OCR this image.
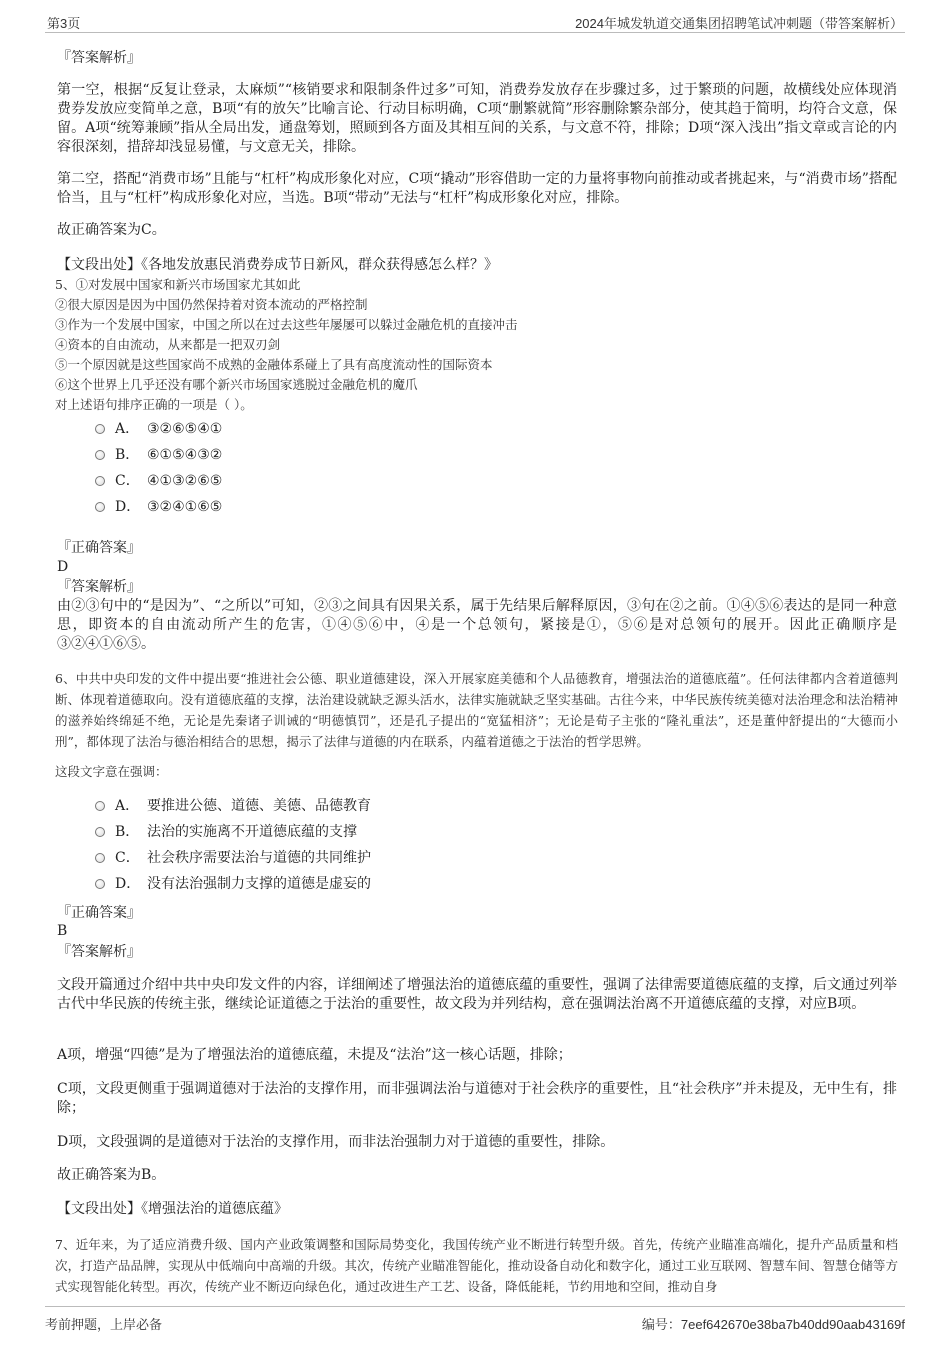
第3页	2024年城发轨道交通集团招聘笔试冲刺题（带答案解析）
『答案解析』

第一空，根据“反复让登录，太麻烦”“核销要求和限制条件过多”可知，消费券发放存在步骤过多，过于繁琐的问题，故横线处应体现消费券发放应变简单之意，B项“有的放矢”比喻言论、行动目标明确，C项“删繁就简”形容删除繁杂部分，使其趋于简明，均符合文意，保留。A项“统筹兼顾”指从全局出发，通盘筹划，照顾到各方面及其相互间的关系，与文意不符，排除；D项“深入浅出”指文章或言论的内容很深刻，措辞却浅显易懂，与文意无关，排除。

第二空，搭配“消费市场”且能与“杠杆”构成形象化对应，C项“撬动”形容借助一定的力量将事物向前推动或者挑起来，与“消费市场”搭配恰当，且与“杠杆”构成形象化对应，当选。B项“带动”无法与“杠杆”构成形象化对应，排除。

故正确答案为C。

【文段出处】《各地发放惠民消费券成节日新风，群众获得感怎么样？》

5、①对发展中国家和新兴市场国家尤其如此
②很大原因是因为中国仍然保持着对资本流动的严格控制
③作为一个发展中国家，中国之所以在过去这些年屡屡可以躲过金融危机的直接冲击
④资本的自由流动，从来都是一把双刃剑
⑤一个原因就是这些国家尚不成熟的金融体系碰上了具有高度流动性的国际资本
⑥这个世界上几乎还没有哪个新兴市场国家逃脱过金融危机的魔爪
对上述语句排序正确的一项是（ ）。
A． ③②⑥⑤④①
B． ⑥①⑤④③②
C． ④①③②⑥⑤
D． ③②④①⑥⑤
『正确答案』
D
『答案解析』

由②③句中的“是因为”、“之所以”可知，②③之间具有因果关系，属于先结果后解释原因，③句在②之前。①④⑤⑥表达的是同一种意思，即资本的自由流动所产生的危害，①④⑤⑥中，④是一个总领句，紧接是①，⑤⑥是对总领句的展开。因此正确顺序是③②④①⑥⑤。

6、中共中央印发的文件中提出要“推进社会公德、职业道德建设，深入开展家庭美德和个人品德教育，增强法治的道德底蕴”。任何法律都内含着道德判断、体现着道德取向。没有道德底蕴的支撑，法治建设就缺乏源头活水，法律实施就缺乏坚实基础。古往今来，中华民族传统美德对法治理念和法治精神的滋养始终绵延不绝，无论是先秦诸子训诫的“明德慎罚”，还是孔子提出的“宽猛相济”；无论是荀子主张的“隆礼重法”，还是董仲舒提出的“大德而小刑”，都体现了法治与德治相结合的思想，揭示了法律与道德的内在联系，内蕴着道德之于法治的哲学思辨。

这段文字意在强调：

A． 要推进公德、道德、美德、品德教育
B． 法治的实施离不开道德底蕴的支撑
C． 社会秩序需要法治与道德的共同维护
D． 没有法治强制力支撑的道德是虚妄的
『正确答案』
B
『答案解析』

文段开篇通过介绍中共中央印发文件的内容，详细阐述了增强法治的道德底蕴的重要性，强调了法律需要道德底蕴的支撑，后文通过列举古代中华民族的传统主张，继续论证道德之于法治的重要性，故文段为并列结构，意在强调法治离不开道德底蕴的支撑，对应B项。

A项，增强“四德”是为了增强法治的道德底蕴，未提及“法治”这一核心话题，排除；

C项，文段更侧重于强调道德对于法治的支撑作用，而非强调法治与道德对于社会秩序的重要性，且“社会秩序”并未提及，无中生有，排除；

D项，文段强调的是道德对于法治的支撑作用，而非法治强制力对于道德的重要性，排除。

故正确答案为B。

【文段出处】《增强法治的道德底蕴》

7、近年来，为了适应消费升级、国内产业政策调整和国际局势变化，我国传统产业不断进行转型升级。首先，传统产业瞄准高端化，提升产品质量和档次，打造产品品牌，实现从中低端向中高端的升级。其次，传统产业瞄准智能化，推动设备自动化和数字化，通过工业互联网、智慧车间、智慧仓储等方式实现智能化转型。再次，传统产业不断迈向绿色化，通过改进生产工艺、设备，降低能耗，节约用地和空间，推动自身

考前押题，上岸必备	编号：7eef642670e38ba7b40dd90aab43169f
